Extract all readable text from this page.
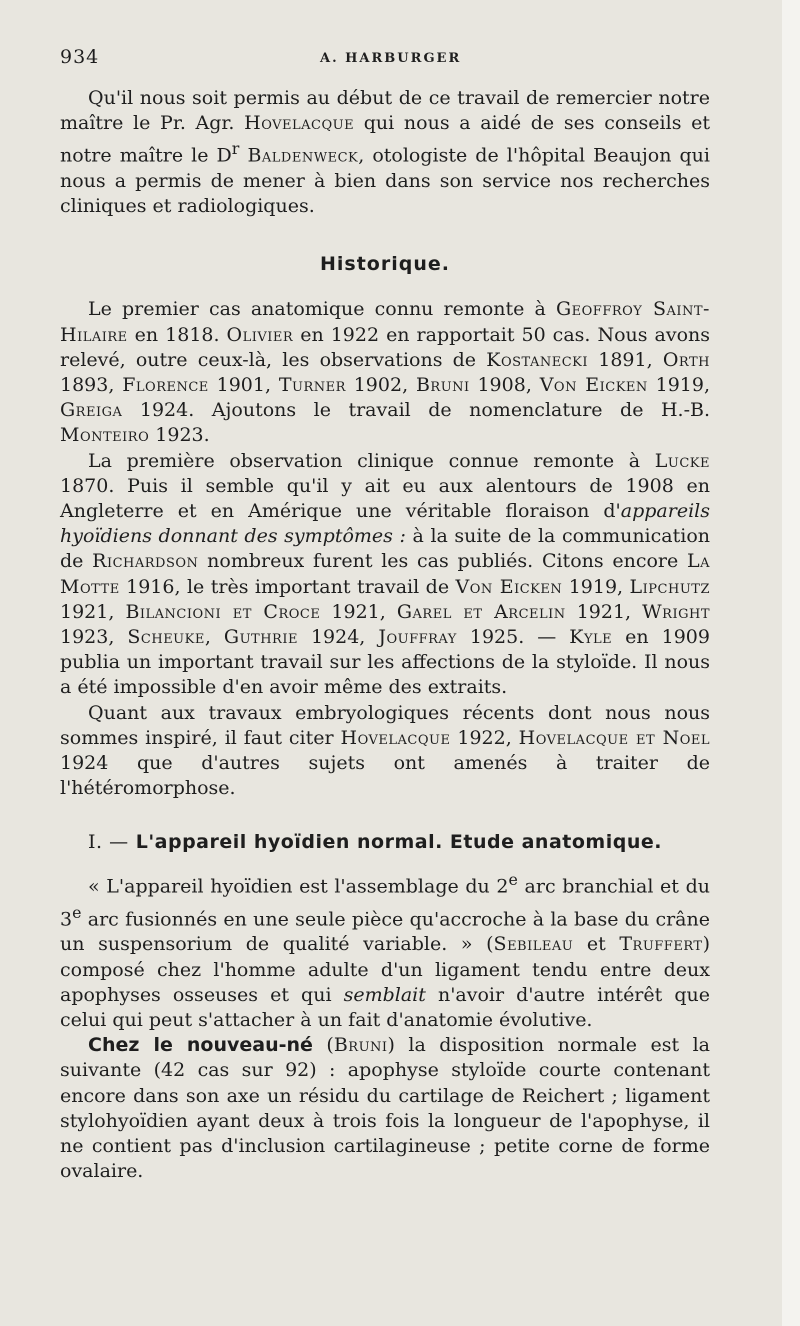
934	A. HARBURGER

Qu'il nous soit permis au début de ce travail de remercier notre maître le Pr. Agr. Hovelacque qui nous a aidé de ses conseils et notre maître le $D^r$ Baldenweck, otologiste de l'hôpital Beaujon qui nous a permis de mener à bien dans son service nos recherches cliniques et radiologiques.

Historique.

Le premier cas anatomique connu remonte à Geoffroy Saint-Hilaire en 1818. Olivier en 1922 en rapportait 50 cas. Nous avons relevé, outre ceux-là, les observations de Kostanecki 1891, Orth 1893, Florence 1901, Turner 1902, Bruni 1908, Von Eicken 1919, Greiga 1924. Ajoutons le travail de nomenclature de H.-B. Monteiro 1923.

La première observation clinique connue remonte à Lucke 1870. Puis il semble qu'il y ait eu aux alentours de 1908 en Angleterre et en Amérique une véritable floraison d'appareils hyoïdiens donnant des symptômes : à la suite de la communication de Richardson nombreux furent les cas publiés. Citons encore La Motte 1916, le très important travail de Von Eicken 1919, Lipchutz 1921, Bilancioni et Croce 1921, Garel et Arcelin 1921, Wright 1923, Scheuke, Guthrie 1924, Jouffray 1925. — Kyle en 1909 publia un important travail sur les affections de la styloïde. Il nous a été impossible d'en avoir même des extraits.

Quant aux travaux embryologiques récents dont nous nous sommes inspiré, il faut citer Hovelacque 1922, Hovelacque et Noel 1924 que d'autres sujets ont amenés à traiter de l'hétéromorphose.

I. — L'appareil hyoïdien normal. Etude anatomique.

« L'appareil hyoïdien est l'assemblage du 2e arc branchial et du 3e arc fusionnés en une seule pièce qu'accroche à la base du crâne un suspensorium de qualité variable. » (Sebileau et Truffert) composé chez l'homme adulte d'un ligament tendu entre deux apophyses osseuses et qui semblait n'avoir d'autre intérêt que celui qui peut s'attacher à un fait d'anatomie évolutive.

Chez le nouveau-né (Bruni) la disposition normale est la suivante (42 cas sur 92) : apophyse styloïde courte contenant encore dans son axe un résidu du cartilage de Reichert ; ligament stylohyoïdien ayant deux à trois fois la longueur de l'apophyse, il ne contient pas d'inclusion cartilagineuse ; petite corne de forme ovalaire.
